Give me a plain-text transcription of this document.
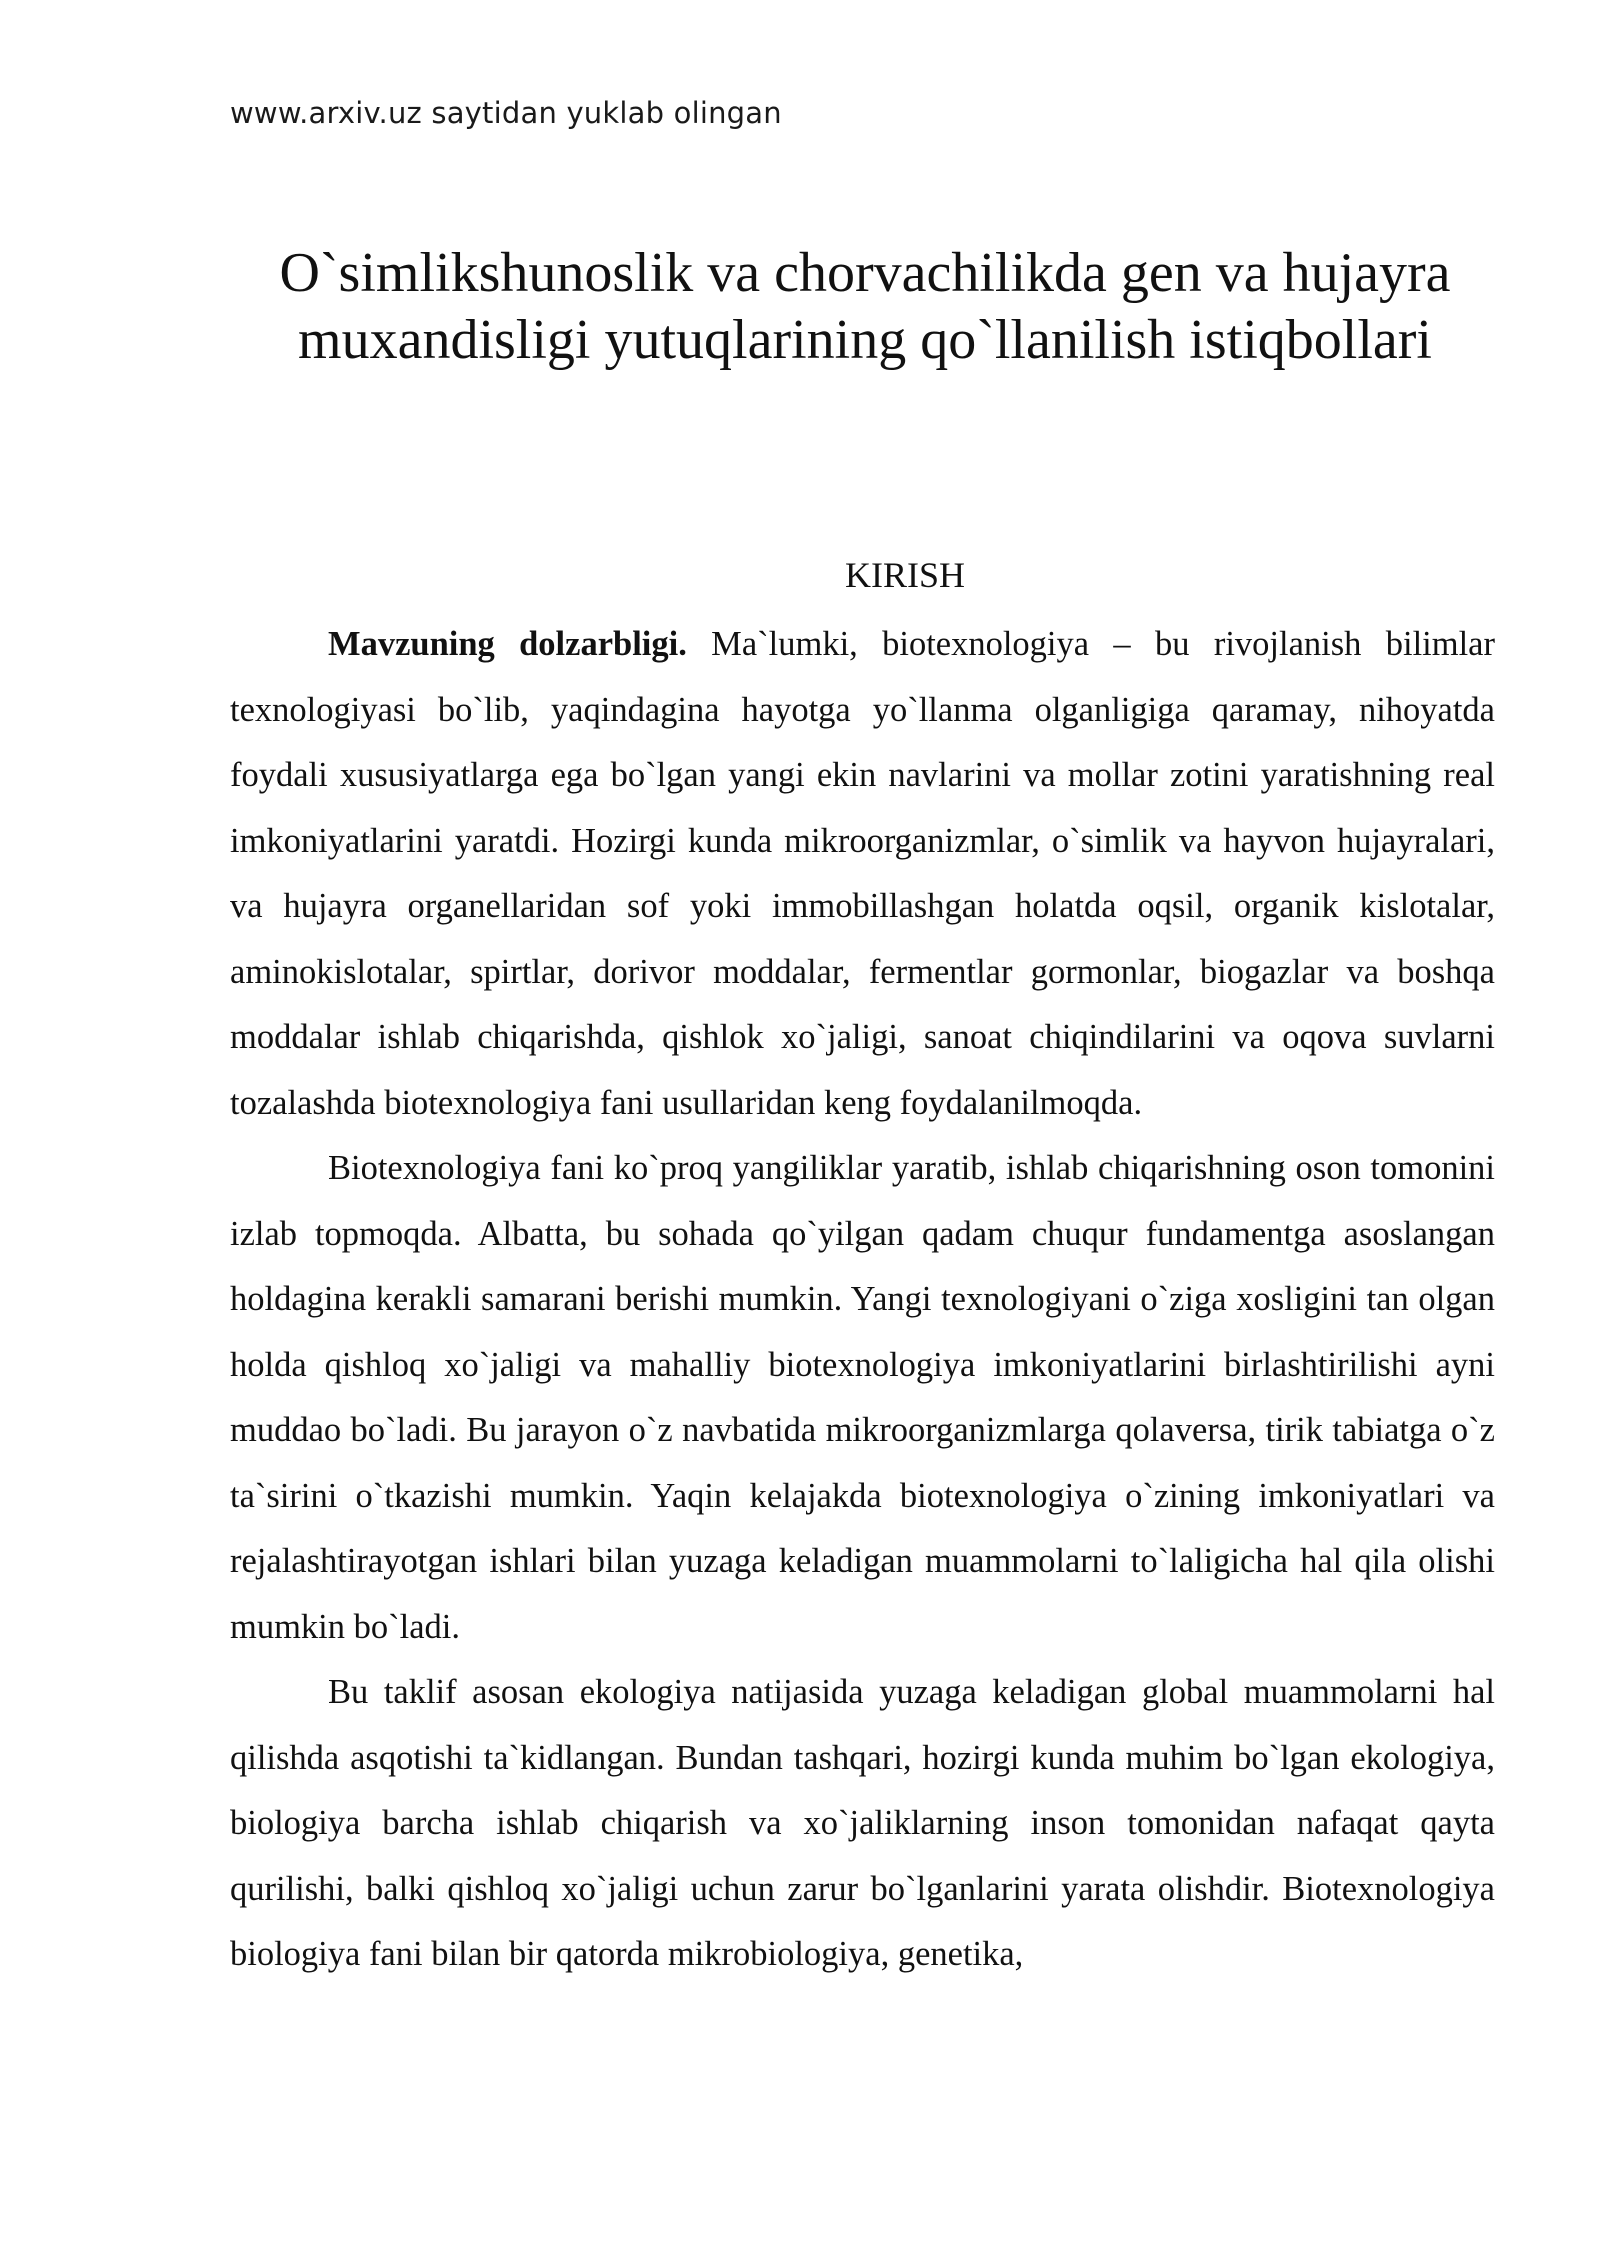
www.arxiv.uz saytidan yuklab olingan
O`simlikshunoslik va chorvachilikda gen va hujayra muxandisligi yutuqlarining qo`llanilish istiqbollari
KIRISH

Mavzuning dolzarbligi. Ma`lumki, biotexnologiya – bu rivojlanish bilimlar texnologiyasi bo`lib, yaqindagina hayotga yo`llanma olganligiga qaramay, nihoyatda foydali xususiyatlarga ega bo`lgan yangi ekin navlarini va mollar zotini yaratishning real imkoniyatlarini yaratdi. Hozirgi kunda mikroorganizmlar, o`simlik va hayvon hujayralari, va hujayra organellaridan sof yoki immobillashgan holatda oqsil, organik kislotalar, aminokislotalar, spirtlar, dorivor moddalar, fermentlar gormonlar, biogazlar va boshqa moddalar ishlab chiqarishda, qishlok xo`jaligi, sanoat chiqindilarini va oqova suvlarni tozalashda biotexnologiya fani usullaridan keng foydalanilmoqda.

Biotexnologiya fani ko`proq yangiliklar yaratib, ishlab chiqarishning oson tomonini izlab topmoqda. Albatta, bu sohada qo`yilgan qadam chuqur fundamentga asoslangan holdagina kerakli samarani berishi mumkin. Yangi texnologiyani o`ziga xosligini tan olgan holda qishloq xo`jaligi va mahalliy biotexnologiya imkoniyatlarini birlashtirilishi ayni muddao bo`ladi. Bu jarayon o`z navbatida mikroorganizmlarga qolaversa, tirik tabiatga o`z ta`sirini o`tkazishi mumkin. Yaqin kelajakda biotexnologiya o`zining imkoniyatlari va rejalashtirayotgan ishlari bilan yuzaga keladigan muammolarni to`laligicha hal qila olishi mumkin bo`ladi.

Bu taklif asosan ekologiya natijasida yuzaga keladigan global muammolarni hal qilishda asqotishi ta`kidlangan. Bundan tashqari, hozirgi kunda muhim bo`lgan ekologiya, biologiya barcha ishlab chiqarish va xo`jaliklarning inson tomonidan nafaqat qayta qurilishi, balki qishloq xo`jaligi uchun zarur bo`lganlarini yarata olishdir. Biotexnologiya biologiya fani bilan bir qatorda mikrobiologiya, genetika,
